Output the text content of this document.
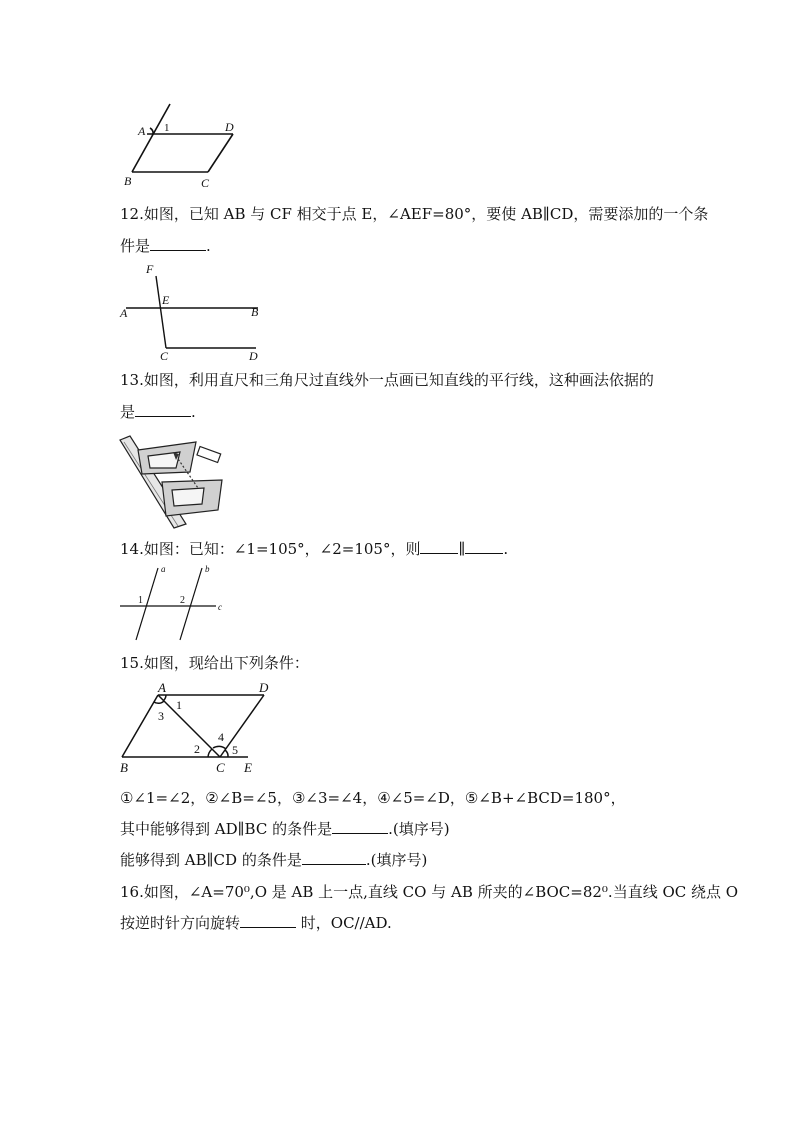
A 1	D
B	C
12.如图，已知 AB 与 CF 相交于点 E，∠AEF=80°，要使 AB∥CD，需要添加的一个条
件是	.
F
E
A	B
C	D
13.如图，利用直尺和三角尺过直线外一点画已知直线的平行线，这种画法依据的
是	.
14.如图：已知：∠1=105°，∠2=105°，则	∥	.
a	b
c
1	2
15.如图，现给出下列条件：
A	D
B	C E
1
3
2
4
5
①∠1=∠2，②∠B=∠5，③∠3=∠4，④∠5=∠D，⑤∠B+∠BCD=180°，
其中能够得到 AD∥BC 的条件是	.(填序号)
能够得到 AB∥CD 的条件是	.(填序号)
16.如图，∠A=70⁰,O 是 AB 上一点,直线 CO 与 AB 所夹的∠BOC=82⁰.当直线 OC 绕点 O
按逆时针方向旋转	时，OC//AD.
